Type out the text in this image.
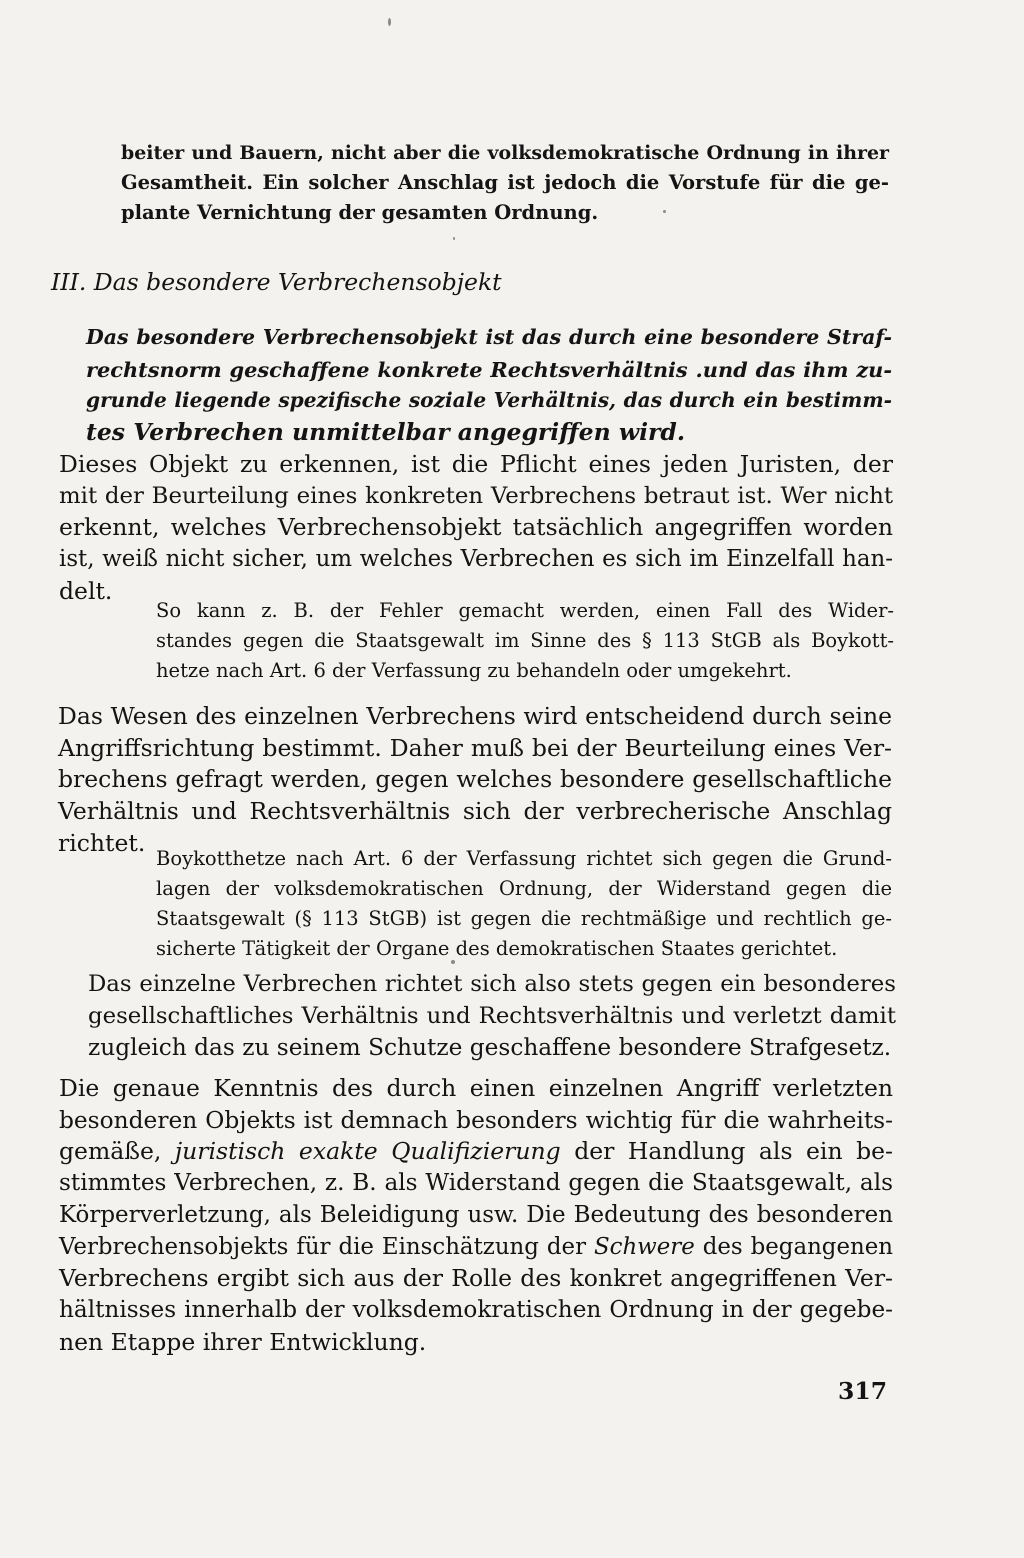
beiter und Bauern, nicht aber die volksdemokratische Ordnung in ihrer
Gesamtheit. Ein solcher Anschlag ist jedoch die Vorstufe für die ge-
plante Vernichtung der gesamten Ordnung.
III. Das besondere Verbrechensobjekt
Das besondere Verbrechensobjekt ist das durch eine besondere Straf-
rechtsnorm geschaffene konkrete Rechtsverhältnis .und das ihm zu-
grunde liegende spezifische soziale Verhältnis, das durch ein bestimm-
tes Verbrechen unmittelbar angegriffen wird.
Dieses Objekt zu erkennen, ist die Pflicht eines jeden Juristen, der
mit der Beurteilung eines konkreten Verbrechens betraut ist. Wer nicht
erkennt, welches Verbrechensobjekt tatsächlich angegriffen worden
ist, weiß nicht sicher, um welches Verbrechen es sich im Einzelfall han-
delt.
So kann z. B. der Fehler gemacht werden, einen Fall des Wider-
standes gegen die Staatsgewalt im Sinne des § 113 StGB als Boykott-
hetze nach Art. 6 der Verfassung zu behandeln oder umgekehrt.
Das Wesen des einzelnen Verbrechens wird entscheidend durch seine
Angriffsrichtung bestimmt. Daher muß bei der Beurteilung eines Ver-
brechens gefragt werden, gegen welches besondere gesellschaftliche
Verhältnis und Rechtsverhältnis sich der verbrecherische Anschlag
richtet.
Boykotthetze nach Art. 6 der Verfassung richtet sich gegen die Grund-
lagen der volksdemokratischen Ordnung, der Widerstand gegen die
Staatsgewalt (§ 113 StGB) ist gegen die rechtmäßige und rechtlich ge-
sicherte Tätigkeit der Organe des demokratischen Staates gerichtet.
Das einzelne Verbrechen richtet sich also stets gegen ein besonderes
gesellschaftliches Verhältnis und Rechtsverhältnis und verletzt damit
zugleich das zu seinem Schutze geschaffene besondere Strafgesetz.
Die genaue Kenntnis des durch einen einzelnen Angriff verletzten
besonderen Objekts ist demnach besonders wichtig für die wahrheits-
gemäße, juristisch exakte Qualifizierung der Handlung als ein be-
stimmtes Verbrechen, z. B. als Widerstand gegen die Staatsgewalt, als
Körperverletzung, als Beleidigung usw. Die Bedeutung des besonderen
Verbrechensobjekts für die Einschätzung der Schwere des begangenen
Verbrechens ergibt sich aus der Rolle des konkret angegriffenen Ver-
hältnisses innerhalb der volksdemokratischen Ordnung in der gegebe-
nen Etappe ihrer Entwicklung.
317
